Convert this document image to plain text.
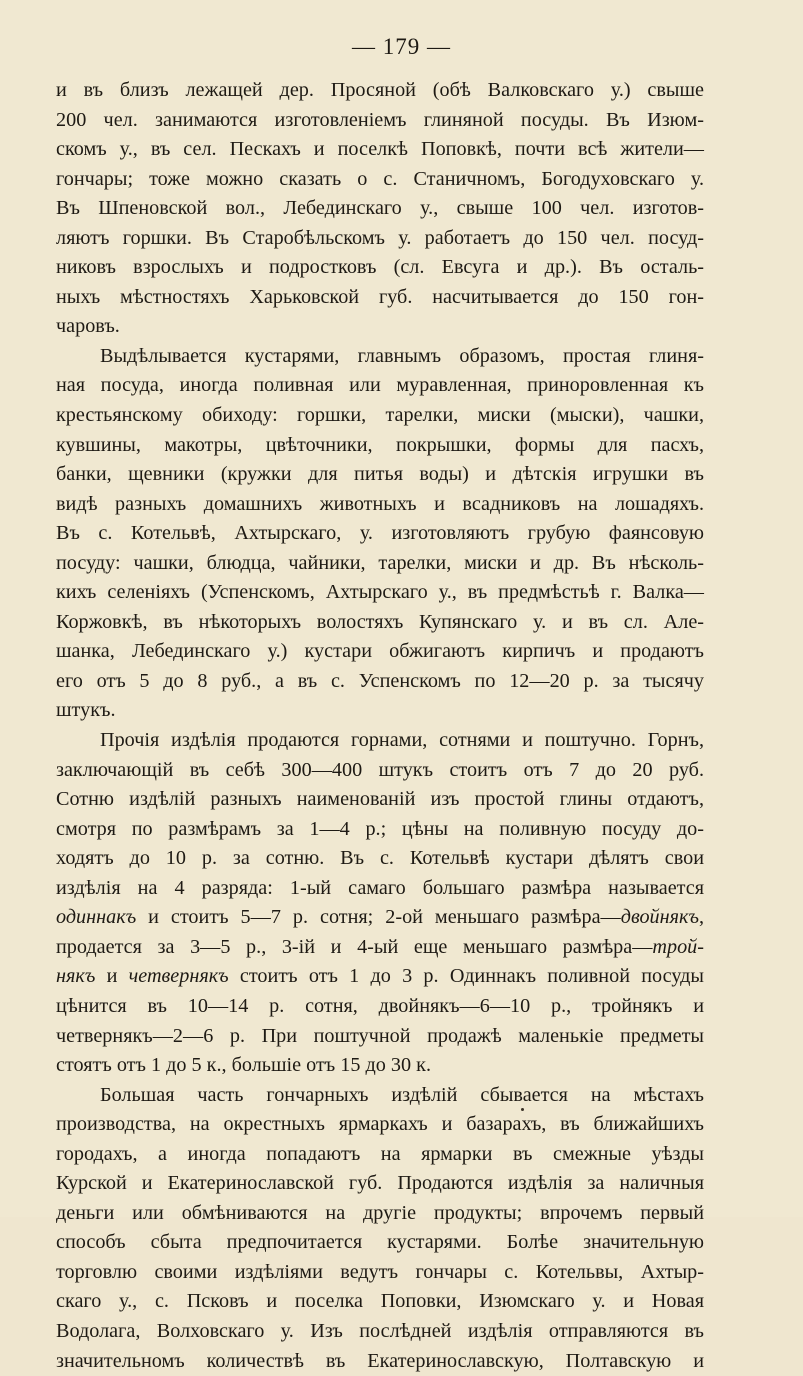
— 179 —
и въ близъ лежащей дер. Просяной (обѣ Валковскаго у.) свыше
200 чел. занимаются изготовленіемъ глиняной посуды. Въ Изюм-
скомъ у., въ сел. Пескахъ и поселкѣ Поповкѣ, почти всѣ жители—
гончары; тоже можно сказать о с. Станичномъ, Богодуховскаго у.
Въ Шпеновской вол., Лебединскаго у., свыше 100 чел. изготов-
ляютъ горшки. Въ Старобѣльскомъ у. работаетъ до 150 чел. посуд-
никовъ взрослыхъ и подростковъ (сл. Евсуга и др.). Въ осталь-
ныхъ мѣстностяхъ Харьковской губ. насчитывается до 150 гон-
чаровъ.
Выдѣлывается кустарями, главнымъ образомъ, простая глиня-
ная посуда, иногда поливная или муравленная, приноровленная къ
крестьянскому обиходу: горшки, тарелки, миски (мыски), чашки,
кувшины, макотры, цвѣточники, покрышки, формы для пасхъ,
банки, щевники (кружки для питья воды) и дѣтскія игрушки въ
видѣ разныхъ домашнихъ животныхъ и всадниковъ на лошадяхъ.
Въ с. Котельвѣ, Ахтырскаго, у. изготовляютъ грубую фаянсовую
посуду: чашки, блюдца, чайники, тарелки, миски и др. Въ нѣсколь-
кихъ селеніяхъ (Успенскомъ, Ахтырскаго у., въ предмѣстьѣ г. Валка—
Коржовкѣ, въ нѣкоторыхъ волостяхъ Купянскаго у. и въ сл. Але-
шанка, Лебединскаго у.) кустари обжигаютъ кирпичъ и продаютъ
его отъ 5 до 8 руб., а въ с. Успенскомъ по 12—20 р. за тысячу
штукъ.
Прочія издѣлія продаются горнами, сотнями и поштучно. Горнъ,
заключающій въ себѣ 300—400 штукъ стоитъ отъ 7 до 20 руб.
Сотню издѣлій разныхъ наименованій изъ простой глины отдаютъ,
смотря по размѣрамъ за 1—4 р.; цѣны на поливную посуду до-
ходятъ до 10 р. за сотню. Въ с. Котельвѣ кустари дѣлятъ свои
издѣлія на 4 разряда: 1-ый самаго большаго размѣра называется
одиннакъ и стоитъ 5—7 р. сотня; 2-ой меньшаго размѣра—двойнякъ,
продается за 3—5 р., 3-ій и 4-ый еще меньшаго размѣра—трой-
някъ и четвернякъ стоитъ отъ 1 до 3 р. Одиннакъ поливной посуды
цѣнится въ 10—14 р. сотня, двойнякъ—6—10 р., тройнякъ и
четвернякъ—2—6 р. При поштучной продажѣ маленькіе предметы
стоятъ отъ 1 до 5 к., большіе отъ 15 до 30 к.
Большая часть гончарныхъ издѣлій сбывается на мѣстахъ
производства, на окрестныхъ ярмаркахъ и базарахъ, въ ближайшихъ
городахъ, а иногда попадаютъ на ярмарки въ смежные уѣзды
Курской и Екатеринославской губ. Продаются издѣлія за наличныя
деньги или обмѣниваются на другіе продукты; впрочемъ первый
способъ сбыта предпочитается кустарями. Болѣе значительную
торговлю своими издѣліями ведутъ гончары с. Котельвы, Ахтыр-
скаго у., с. Псковъ и поселка Поповки, Изюмскаго у. и Новая
Водолага, Волховскаго у. Изъ послѣдней издѣлія отправляются въ
значительномъ количествѣ въ Екатеринославскую, Полтавскую и
